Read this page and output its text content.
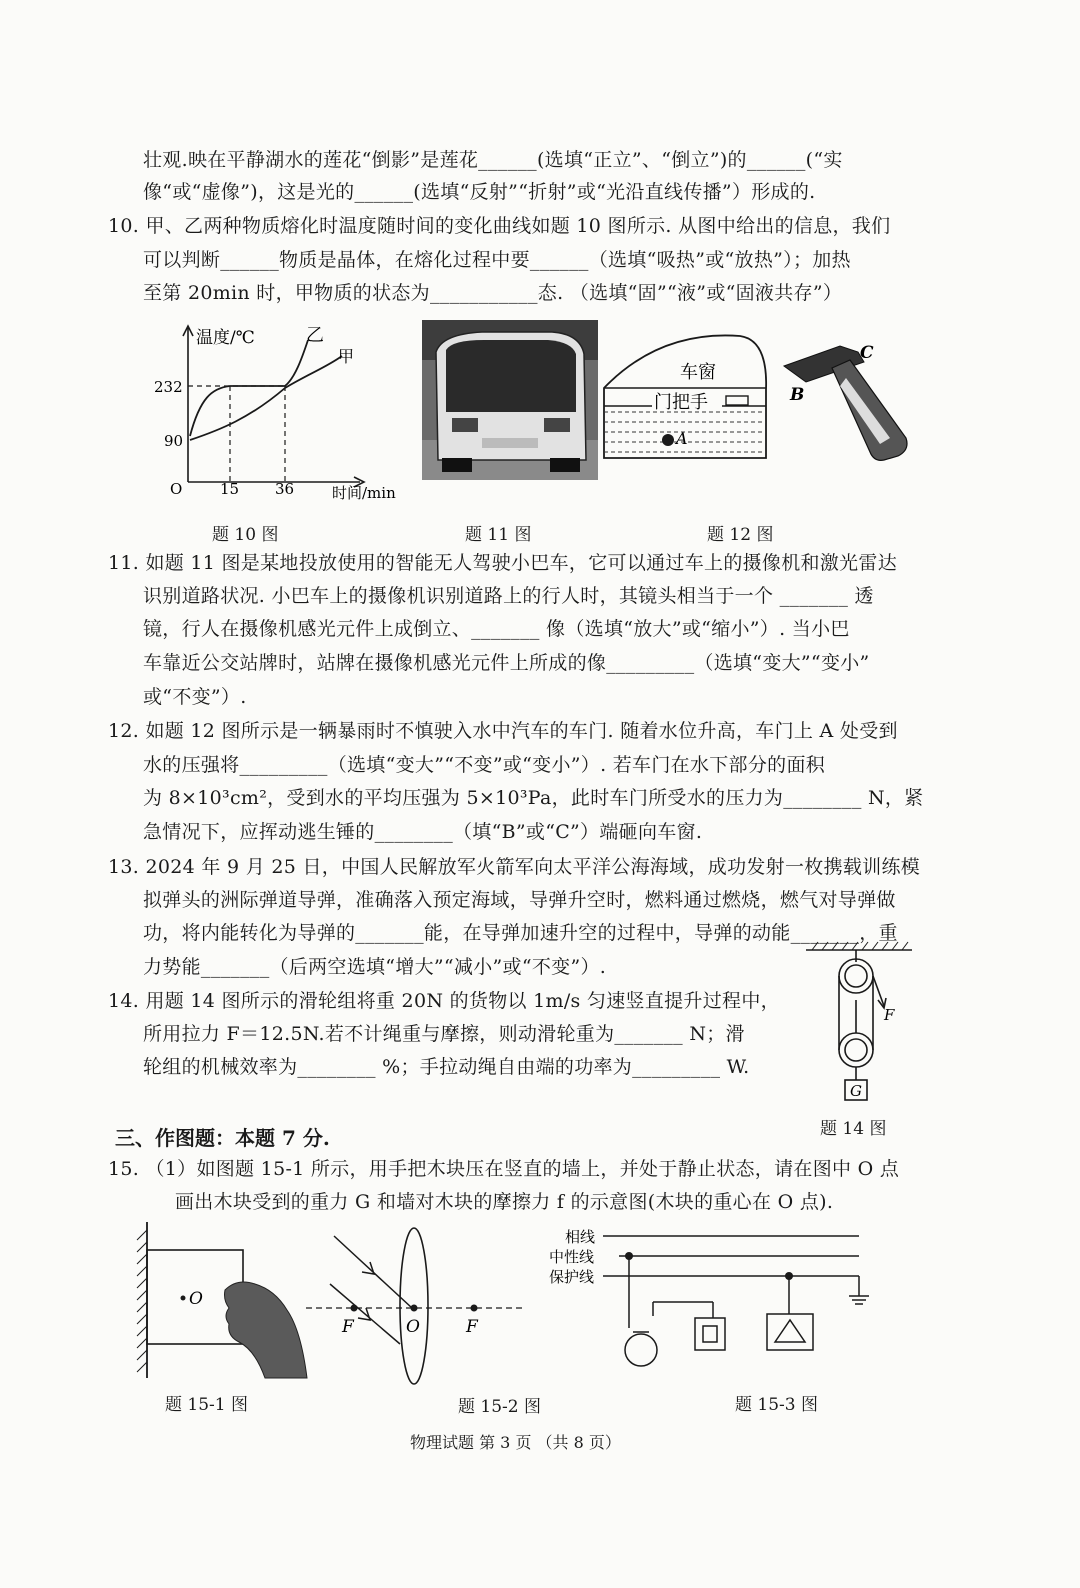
壮观.映在平静湖水的莲花“倒影”是莲花______(选填“正立”、“倒立”)的______(“实
像“或“虚像”)，这是光的______(选填“反射”“折射”或“光沿直线传播”）形成的.
10. 甲、乙两种物质熔化时温度随时间的变化曲线如题 10 图所示. 从图中给出的信息，我们
可以判断______物质是晶体，在熔化过程中要______（选填“吸热”或“放热”）；加热
至第 20min 时，甲物质的状态为___________态. （选填“固”“液”或“固液共存”）
温度/℃	乙
甲
232
90
O	15 36	时间/min
车窗
门把手
A
C
B
题 10 图	题 11 图	题 12 图
11. 如题 11 图是某地投放使用的智能无人驾驶小巴车，它可以通过车上的摄像机和激光雷达
识别道路状况. 小巴车上的摄像机识别道路上的行人时，其镜头相当于一个 _______ 透
镜，行人在摄像机感光元件上成倒立、_______ 像（选填“放大”或“缩小”）. 当小巴
车靠近公交站牌时，站牌在摄像机感光元件上所成的像_________（选填“变大”“变小”
或“不变”）.
12. 如题 12 图所示是一辆暴雨时不慎驶入水中汽车的车门. 随着水位升高，车门上 A 处受到
水的压强将_________（选填“变大”“不变”或“变小”）. 若车门在水下部分的面积
为 8×10³cm²，受到水的平均压强为 5×10³Pa，此时车门所受水的压力为________ N，紧
急情况下，应挥动逃生锤的________（填“B”或“C”）端砸向车窗.
13. 2024 年 9 月 25 日，中国人民解放军火箭军向太平洋公海海域，成功发射一枚携载训练模
拟弹头的洲际弹道导弹，准确落入预定海域，导弹升空时，燃料通过燃烧，燃气对导弹做
功，将内能转化为导弹的_______能，在导弹加速升空的过程中，导弹的动能_______，重
力势能_______（后两空选填“增大”“减小”或“不变”）.
14. 用题 14 图所示的滑轮组将重 20N 的货物以 1m/s 匀速竖直提升过程中，
所用拉力 F＝12.5N.若不计绳重与摩擦，则动滑轮重为_______ N；滑
轮组的机械效率为________ %；手拉动绳自由端的功率为_________ W.
F
G
题 14 图
三、作图题：本题 7 分.
15. （1）如图题 15-1 所示，用手把木块压在竖直的墙上，并处于静止状态，请在图中 O 点
画出木块受到的重力 G 和墙对木块的摩擦力 f 的示意图(木块的重心在 O 点).
O
题 15-1 图
F	O	F
题 15-2 图
相线
中性线
保护线
题 15-3 图
物理试题 第 3 页 （共 8 页）
